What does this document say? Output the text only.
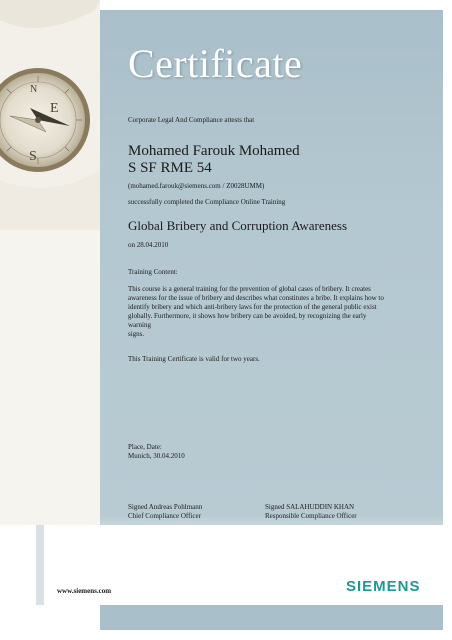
E
N
S
Certificate
Corporate Legal And Compliance attests that
Mohamed Farouk Mohamed
S SF RME 54
(mohamed.farouk@siemens.com / Z0028UMM)
successfully completed the Compliance Online Training
Global Bribery and Corruption Awareness
on 28.04.2010
Training Content:
This course is a general training for the prevention of global cases of bribery. It creates
awareness for the issue of bribery and describes what constitutes a bribe. It explains how to
identify bribery and which anti-bribery laws for the protection of the general public exist
globally. Furthermore, it shows how bribery can be avoided, by recognizing the early warning
signs.
This Training Certificate is valid for two years.
Place, Date:
Munich, 30.04.2010
Signed Andreas Pohlmann
Chief Compliance Officer
Signed SALAHUDDIN KHAN
Responsible Compliance Officer
www.siemens.com	SIEMENS
